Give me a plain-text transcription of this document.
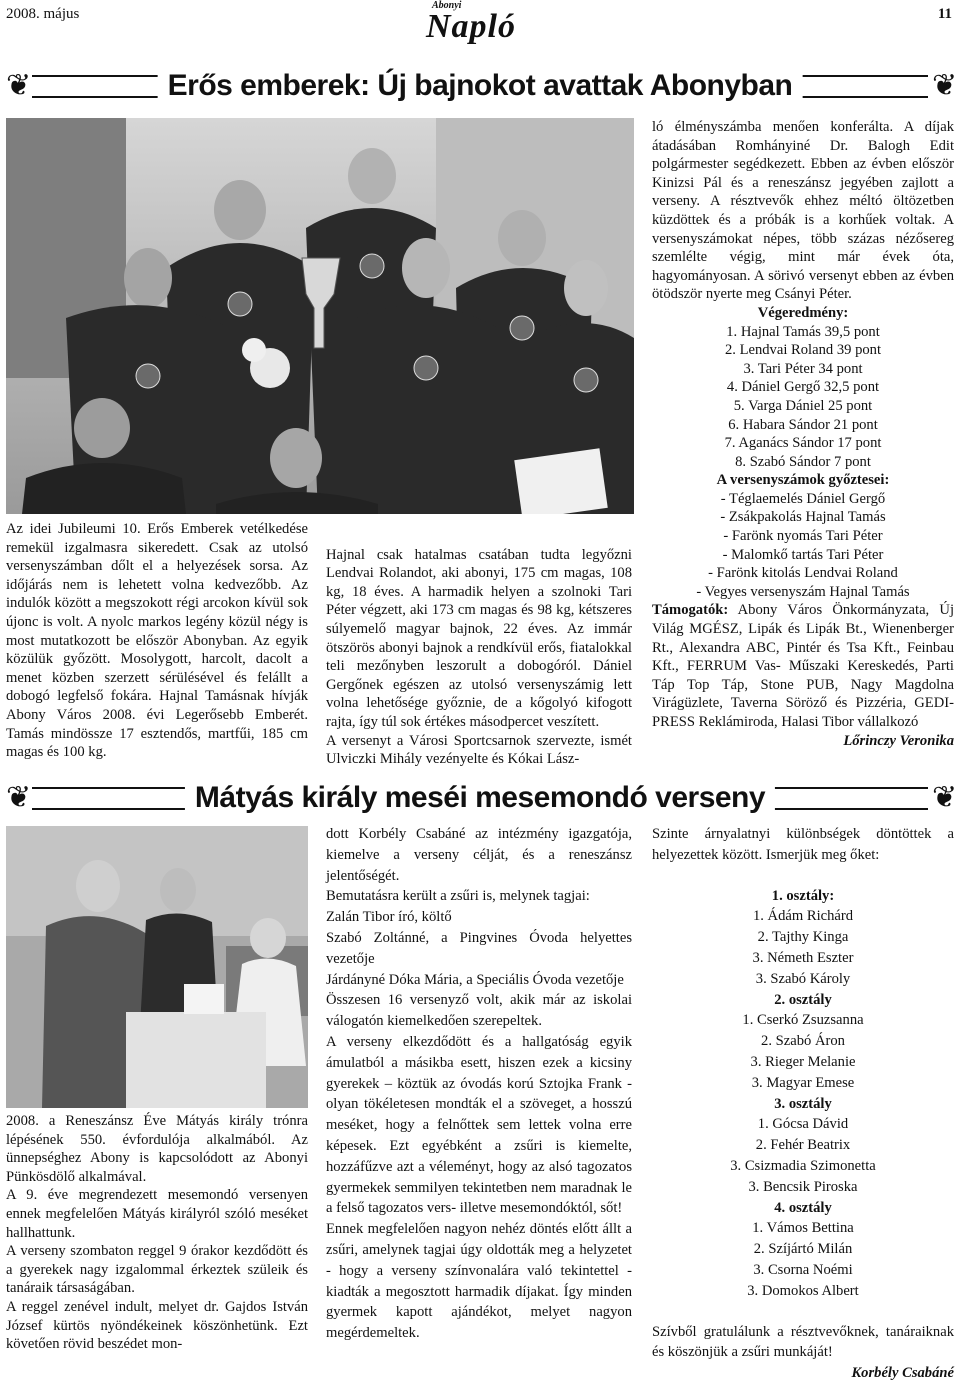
2008. május
Abonyi
Napló	11
❦	❦
Erős emberek: Új bajnokot avattak Abonyban

Az idei Jubileumi 10. Erős Emberek vetélkedése remekül izgalmasra sikeredett. Csak az utolsó versenyszámban dőlt el a helyezések sorsa. Az időjárás nem is lehetett volna kedvezőbb. Az indulók között a megszokott régi arcokon kívül sok újonc is volt. A nyolc markos legény közül négy is most mutatkozott be először Abonyban. Az egyik közülük győzött. Mosolygott, harcolt, dacolt a menet közben szerzett sérülésével és felállt a dobogó legfelső fokára. Hajnal Tamásnak hívják Abony Város 2008. évi Legerősebb Emberét. Tamás mindössze 17 esztendős, martfűi, 185 cm magas és 100 kg.

Hajnal csak hatalmas csatában tudta legyőzni Lendvai Rolandot, aki abonyi, 175 cm magas, 108 kg, 18 éves. A harmadik helyen a szolnoki Tari Péter végzett, aki 173 cm magas és 98 kg, kétszeres súlyemelő magyar bajnok, 22 éves. Az immár ötszörös abonyi bajnok a rendkívül erős, fiatalokkal teli mezőnyben leszorult a dobogóról. Dániel Gergőnek egészen az utolsó versenyszámig lett volna lehetősége győznie, de a kőgolyó kifogott rajta, így túl sok értékes másodpercet veszített.
A versenyt a Városi Sportcsarnok szervezte, ismét Ulviczki Mihály vezényelte és Kókai Lász-

ló élményszámba menően konferálta. A díjak átadásában Romhányiné Dr. Balogh Edit polgármester segédkezett. Ebben az évben először Kinizsi Pál és a reneszánsz jegyében zajlott a verseny. A résztvevők ehhez méltó öltözetben küzdöttek és a próbák is a korhűek voltak. A versenyszámokat népes, több százas nézősereg szemlélte végig, mint már évek óta, hagyományosan. A sörivó versenyt ebben az évben ötödször nyerte meg Csányi Péter.

Végeredmény:

1. Hajnal Tamás 39,5 pont
2. Lendvai Roland 39 pont
3. Tari Péter 34 pont
4. Dániel Gergő 32,5 pont
5. Varga Dániel 25 pont
6. Habara Sándor 21 pont
7. Aganács Sándor 17 pont
8. Szabó Sándor 7 pont

A versenyszámok győztesei:

- Téglaemelés Dániel Gergő
- Zsákpakolás Hajnal Tamás
- Farönk nyomás Tari Péter
- Malomkő tartás Tari Péter
- Farönk kitolás Lendvai Roland
- Vegyes versenyszám Hajnal Tamás

Támogatók: Abony Város Önkormányzata, Új Világ MGÉSZ, Lipák és Lipák Bt., Wienenberger Rt., Alexandra ABC, Pintér és Tsa Kft., Feinbau Kft., FERRUM Vas- Műszaki Kereskedés, Parti Táp Top Táp, Stone PUB, Nagy Magdolna Virágüzlete, Taverna Söröző és Pizzéria, GEDI-PRESS Reklámiroda, Halasi Tibor vállalkozó

Lőrinczy Veronika

❦	❦
Mátyás király meséi mesemondó verseny

2008. a Reneszánsz Éve Mátyás király trónra lépésének 550. évfordulója alkalmából. Az ünnepséghez Abony is kapcsolódott az Abonyi Pünkösdölő alkalmával.

A 9. éve megrendezett mesemondó versenyen ennek megfelelően Mátyás királyról szóló meséket hallhattunk.

A verseny szombaton reggel 9 órakor kezdődött és a gyerekek nagy izgalommal érkeztek szüleik és tanáraik társaságában.

A reggel zenével indult, melyet dr. Gajdos István József kürtös nyöndékeinek köszönhetünk. Ezt követően rövid beszédet mon-

dott Korbély Csabáné az intézmény igazgatója, kiemelve a verseny célját, és a reneszánsz jelentőségét.

Bemutatásra került a zsűri is, melynek tagjai:

Zalán Tibor író, költő

Szabó Zoltánné, a Pingvines Óvoda helyettes vezetője

Járdányné Dóka Mária, a Speciális Óvoda vezetője

Összesen 16 versenyző volt, akik már az iskolai válogatón kiemelkedően szerepeltek.

A verseny elkezdődött és a hallgatóság egyik ámulatból a másikba esett, hiszen ezek a kicsiny gyerekek – köztük az óvodás korú Sztojka Frank - olyan tökéletesen mondták el a szöveget, a hosszú meséket, hogy a felnőttek sem lettek volna erre képesek. Ezt egyébként a zsűri is kiemelte, hozzáfűzve azt a véleményt, hogy az alsó tagozatos gyermekek semmilyen tekintetben nem maradnak le a felső tagozatos vers- illetve mesemondóktól, sőt!

Ennek megfelelően nagyon nehéz döntés előtt állt a zsűri, amelynek tagjai úgy oldották meg a helyzetet - hogy a verseny színvonalára való tekintettel - kiadták a megosztott harmadik díjakat. Így minden gyermek kapott ajándékot, melyet nagyon megérdemeltek.

Szinte árnyalatnyi különbségek döntöttek a helyezettek között. Ismerjük meg őket:

1. osztály:
1. Ádám Richárd
2. Tajthy Kinga
3. Németh Eszter
3. Szabó Károly
2. osztály
1. Cserkó Zsuzsanna
2. Szabó Áron
3. Rieger Melanie
3. Magyar Emese
3. osztály
1. Gócsa Dávid
2. Fehér Beatrix
3. Csizmadia Szimonetta
3. Bencsik Piroska
4. osztály
1. Vámos Bettina
2. Szíjártó Milán
3. Csorna Noémi
3. Domokos Albert

Szívből gratulálunk a résztvevőknek, tanáraiknak és köszönjük a zsűri munkáját!

Korbély Csabáné
